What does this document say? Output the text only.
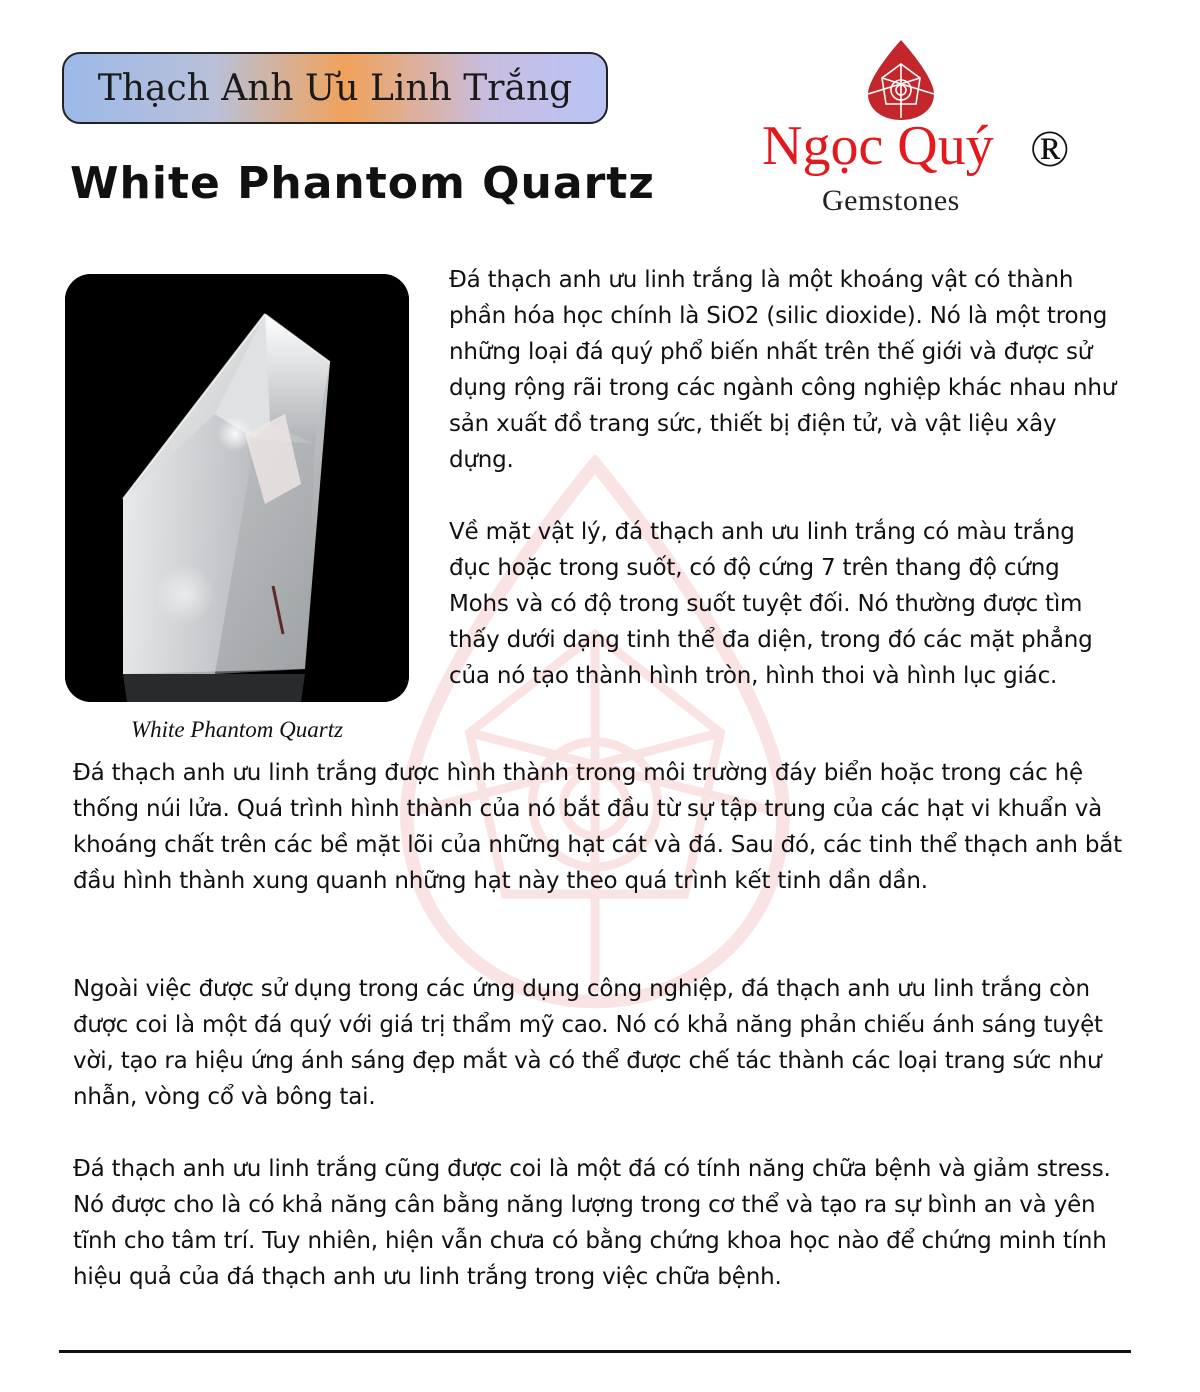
Thạch Anh Ưu Linh Trắng
White Phantom Quartz
Ngọc Quý ®
Gemstones
White Phantom Quartz

Đá thạch anh ưu linh trắng là một khoáng vật có thành phần hóa học chính là SiO2 (silic dioxide). Nó là một trong những loại đá quý phổ biến nhất trên thế giới và được sử dụng rộng rãi trong các ngành công nghiệp khác nhau như sản xuất đồ trang sức, thiết bị điện tử, và vật liệu xây dựng.

Về mặt vật lý, đá thạch anh ưu linh trắng có màu trắng đục hoặc trong suốt, có độ cứng 7 trên thang độ cứng Mohs và có độ trong suốt tuyệt đối. Nó thường được tìm thấy dưới dạng tinh thể đa diện, trong đó các mặt phẳng của nó tạo thành hình tròn, hình thoi và hình lục giác.

Đá thạch anh ưu linh trắng được hình thành trong môi trường đáy biển hoặc trong các hệ thống núi lửa. Quá trình hình thành của nó bắt đầu từ sự tập trung của các hạt vi khuẩn và khoáng chất trên các bề mặt lõi của những hạt cát và đá. Sau đó, các tinh thể thạch anh bắt đầu hình thành xung quanh những hạt này theo quá trình kết tinh dần dần.

Ngoài việc được sử dụng trong các ứng dụng công nghiệp, đá thạch anh ưu linh trắng còn được coi là một đá quý với giá trị thẩm mỹ cao. Nó có khả năng phản chiếu ánh sáng tuyệt vời, tạo ra hiệu ứng ánh sáng đẹp mắt và có thể được chế tác thành các loại trang sức như nhẫn, vòng cổ và bông tai.

Đá thạch anh ưu linh trắng cũng được coi là một đá có tính năng chữa bệnh và giảm stress. Nó được cho là có khả năng cân bằng năng lượng trong cơ thể và tạo ra sự bình an và yên tĩnh cho tâm trí. Tuy nhiên, hiện vẫn chưa có bằng chứng khoa học nào để chứng minh tính hiệu quả của đá thạch anh ưu linh trắng trong việc chữa bệnh.
